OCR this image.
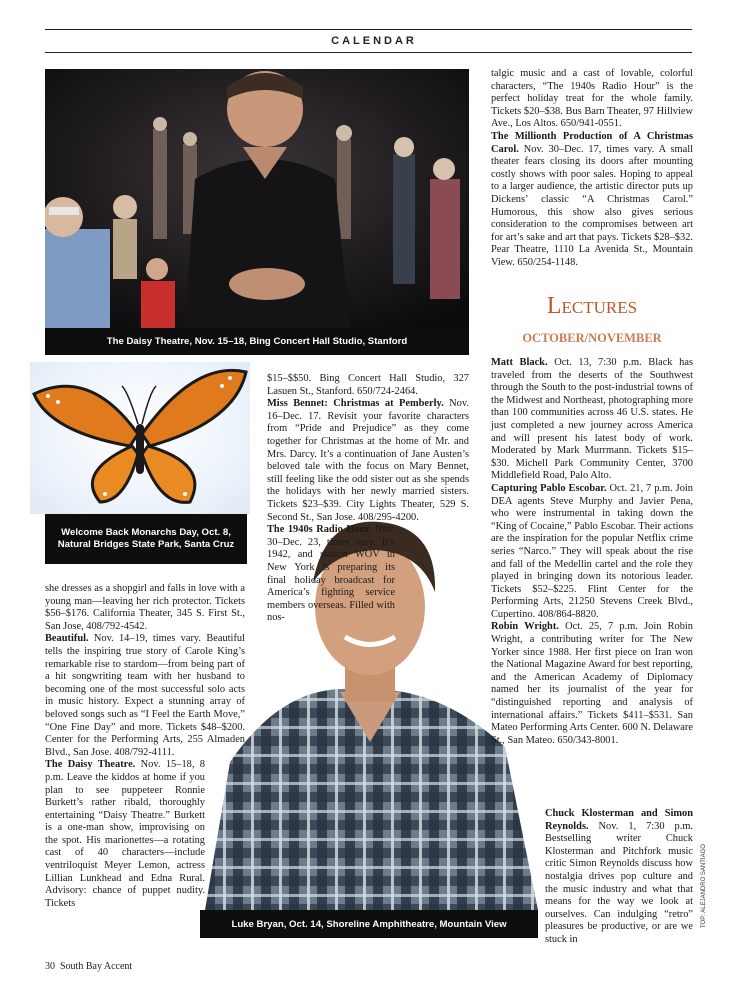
CALENDAR
The Daisy Theatre, Nov. 15–18, Bing Concert Hall Studio, Stanford
Welcome Back Monarchs Day, Oct. 8, Natural Bridges State Park, Santa Cruz
Luke Bryan, Oct. 14, Shoreline Amphitheatre, Mountain View

she dresses as a shopgirl and falls in love with a young man—leaving her rich protector. Tickets $56–$176. California Theater, 345 S. First St., San Jose, 408/792-4542.

Beautiful. Nov. 14–19, times vary. Beautiful tells the inspiring true story of Carole King’s remarkable rise to stardom—from being part of a hit songwriting team with her husband to becoming one of the most successful solo acts in music history. Expect a stunning array of beloved songs such as “I Feel the Earth Move,” “One Fine Day” and more. Tickets $48–$200. Center for the Performing Arts, 255 Almaden Blvd., San Jose. 408/792-4111.

The Daisy Theatre. Nov. 15–18, 8 p.m. Leave the kiddos at home if you plan to see puppeteer Ronnie Burkett’s rather ribald, thoroughly entertaining “Daisy Theatre.” Burkett is a one-man show, improvising on the spot. His marionettes—a rotating cast of 40 characters—include ventriloquist Meyer Lemon, actress Lillian Lunkhead and Edna Rural. Advisory: chance of puppet nudity. Tickets

$15–$$50. Bing Concert Hall Studio, 327 Lasuen St., Stanford. 650/724-2464.

Miss Bennet: Christmas at Pemberly. Nov. 16–Dec. 17. Revisit your favorite characters from “Pride and Prejudice” as they come together for Christmas at the home of Mr. and Mrs. Darcy. It’s a continuation of Jane Austen’s beloved tale with the focus on Mary Bennet, still feeling like the odd sister out as she spends the holidays with her newly married sisters. Tickets $23–$39. City Lights Theater, 529 S. Second St., San Jose. 408/295-4200.

The 1940s Radio Hour. Nov. 30–Dec. 23, times vary. It’s 1942, and station WOV in New York is preparing its final holiday broadcast for America’s fighting service members overseas. Filled with nos-

talgic music and a cast of lovable, colorful characters, “The 1940s Radio Hour” is the perfect holiday treat for the whole family. Tickets $20–$38. Bus Barn Theater, 97 Hillview Ave., Los Altos. 650/941-0551.

The Millionth Production of A Christmas Carol. Nov. 30–Dec. 17, times vary. A small theater fears closing its doors after mounting costly shows with poor sales. Hoping to appeal to a larger audience, the artistic director puts up Dickens’ classic “A Christmas Carol.” Humorous, this show also gives serious consideration to the compromises between art for art’s sake and art that pays. Tickets $28–$32. Pear Theatre, 1110 La Avenida St., Mountain View. 650/254-1148.

Lectures
OCTOBER/NOVEMBER

Matt Black. Oct. 13, 7:30 p.m. Black has traveled from the deserts of the Southwest through the South to the post-industrial towns of the Midwest and Northeast, photographing more than 100 communities across 46 U.S. states. He just completed a new journey across America and will present his latest body of work. Moderated by Mark Murrmann. Tickets $15–$30. Michell Park Community Center, 3700 Middlefield Road, Palo Alto.

Capturing Pablo Escobar. Oct. 21, 7 p.m. Join DEA agents Steve Murphy and Javier Pena, who were instrumental in taking down the “King of Cocaine,” Pablo Escobar. Their actions are the inspiration for the popular Netflix crime series “Narco.” They will speak about the rise and fall of the Medellin cartel and the role they played in bringing down its notorious leader. Tickets $52–$225. Flint Center for the Performing Arts, 21250 Stevens Creek Blvd., Cupertino. 408/864-8820.

Robin Wright. Oct. 25, 7 p.m. Join Robin Wright, a contributing writer for The New Yorker since 1988. Her first piece on Iran won the National Magazine Award for best reporting, and the American Academy of Diplomacy named her its journalist of the year for “distinguished reporting and analysis of international affairs.” Tickets $411–$531. San Mateo Performing Arts Center. 600 N. Delaware St., San Mateo. 650/343-8001.

Chuck Klosterman and Simon Reynolds. Nov. 1, 7:30 p.m. Bestselling writer Chuck Klosterman and Pitchfork music critic Simon Reynolds discuss how nostalgia drives pop culture and the music industry and what that means for the way we look at ourselves. Can indulging “retro” pleasures be productive, or are we stuck in

TOP: ALEJANDRO SANTIAGO
30 South Bay Accent
